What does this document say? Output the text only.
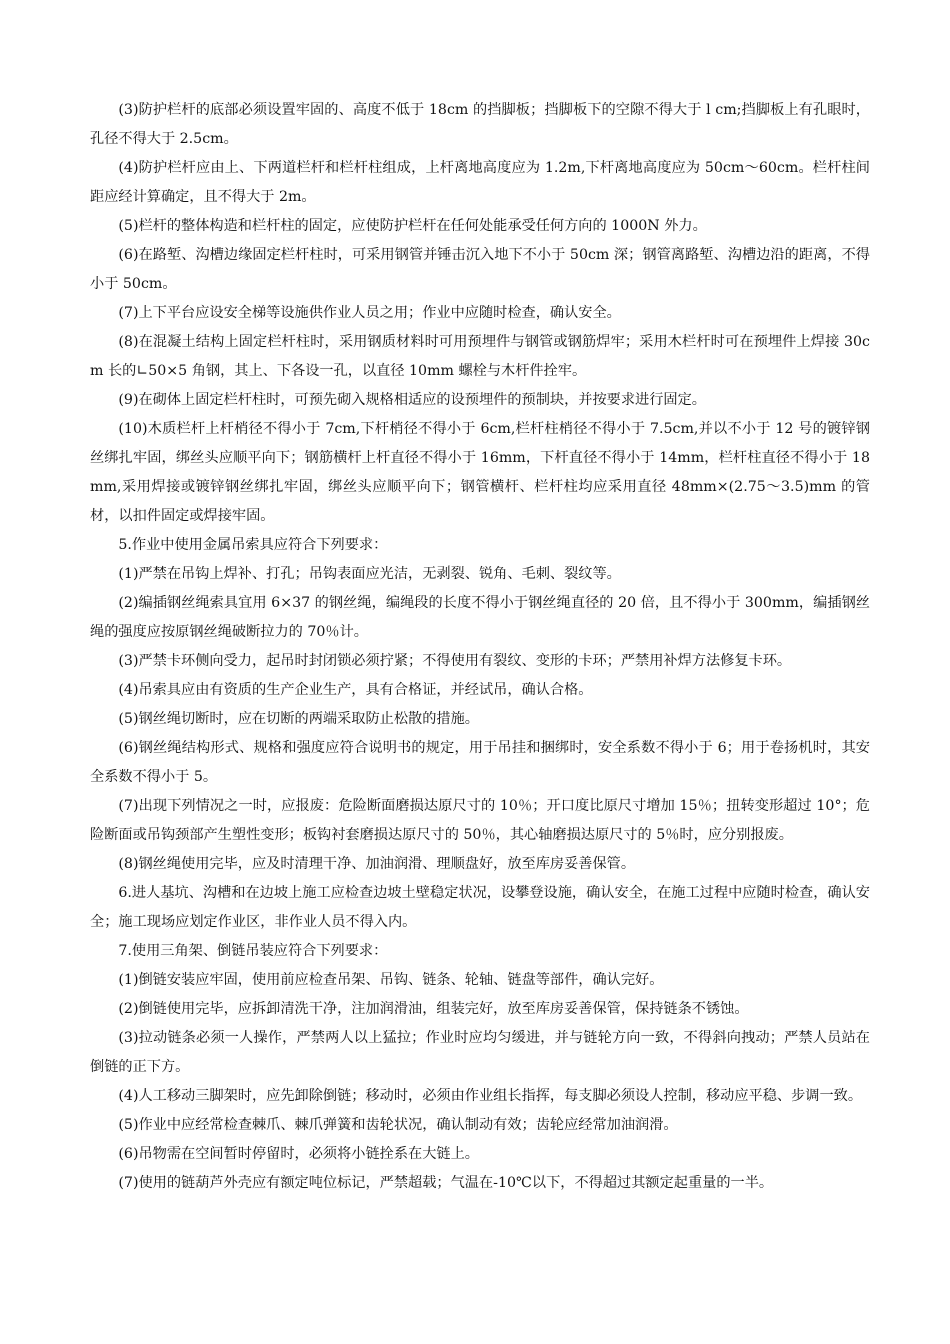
(3)防护栏杆的底部必须设置牢固的、高度不低于 18cm 的挡脚板；挡脚板下的空隙不得大于 l cm;挡脚板上有孔眼时，孔径不得大于 2.5cm。

(4)防护栏杆应由上、下两道栏杆和栏杆柱组成，上杆离地高度应为 1.2m,下杆离地高度应为 50cm～60cm。栏杆柱间距应经计算确定，且不得大于 2m。

(5)栏杆的整体构造和栏杆柱的固定，应使防护栏杆在任何处能承受任何方向的 1000N 外力。

(6)在路堑、沟槽边缘固定栏杆柱时，可采用钢管并锤击沉入地下不小于 50cm 深；钢管离路堑、沟槽边沿的距离，不得小于 50cm。

(7)上下平台应设安全梯等设施供作业人员之用；作业中应随时检查，确认安全。

(8)在混凝土结构上固定栏杆柱时，采用钢质材料时可用预埋件与钢管或钢筋焊牢；采用木栏杆时可在预埋件上焊接 30cm 长的∟50×5 角钢，其上、下各设一孔，以直径 10mm 螺栓与木杆件拴牢。

(9)在砌体上固定栏杆柱时，可预先砌入规格相适应的设预埋件的预制块，并按要求进行固定。

(10)木质栏杆上杆梢径不得小于 7cm,下杆梢径不得小于 6cm,栏杆柱梢径不得小于 7.5cm,并以不小于 12 号的镀锌钢丝绑扎牢固，绑丝头应顺平向下；钢筋横杆上杆直径不得小于 16mm，下杆直径不得小于 14mm，栏杆柱直径不得小于 18mm,采用焊接或镀锌钢丝绑扎牢固，绑丝头应顺平向下；钢管横杆、栏杆柱均应采用直径 48mm×(2.75～3.5)mm 的管材，以扣件固定或焊接牢固。

5.作业中使用金属吊索具应符合下列要求：

(1)严禁在吊钩上焊补、打孔；吊钩表面应光洁，无剥裂、锐角、毛刺、裂纹等。

(2)编插钢丝绳索具宜用 6×37 的钢丝绳，编绳段的长度不得小于钢丝绳直径的 20 倍，且不得小于 300mm，编插钢丝绳的强度应按原钢丝绳破断拉力的 70％计。

(3)严禁卡环侧向受力，起吊时封闭锁必须拧紧；不得使用有裂纹、变形的卡环；严禁用补焊方法修复卡环。

(4)吊索具应由有资质的生产企业生产，具有合格证，并经试吊，确认合格。

(5)钢丝绳切断时，应在切断的两端采取防止松散的措施。

(6)钢丝绳结构形式、规格和强度应符合说明书的规定，用于吊挂和捆绑时，安全系数不得小于 6；用于卷扬机时，其安全系数不得小于 5。

(7)出现下列情况之一时，应报废：危险断面磨损达原尺寸的 10％；开口度比原尺寸增加 15％；扭转变形超过 10°；危险断面或吊钩颈部产生塑性变形；板钩衬套磨损达原尺寸的 50％，其心轴磨损达原尺寸的 5％时，应分别报废。

(8)钢丝绳使用完毕，应及时清理干净、加油润滑、理顺盘好，放至库房妥善保管。

6.进人基坑、沟槽和在边坡上施工应检查边坡土壁稳定状况，设攀登设施，确认安全，在施工过程中应随时检查，确认安全；施工现场应划定作业区，非作业人员不得入内。

7.使用三角架、倒链吊装应符合下列要求：

(1)倒链安装应牢固，使用前应检查吊架、吊钩、链条、轮轴、链盘等部件，确认完好。

(2)倒链使用完毕，应拆卸清洗干净，注加润滑油，组装完好，放至库房妥善保管，保持链条不锈蚀。

(3)拉动链条必须一人操作，严禁两人以上猛拉；作业时应均匀缓进，并与链轮方向一致，不得斜向拽动；严禁人员站在倒链的正下方。

(4)人工移动三脚架时，应先卸除倒链；移动时，必须由作业组长指挥，每支脚必须设人控制，移动应平稳、步调一致。

(5)作业中应经常检查棘爪、棘爪弹簧和齿轮状况，确认制动有效；齿轮应经常加油润滑。

(6)吊物需在空间暂时停留时，必须将小链拴系在大链上。

(7)使用的链葫芦外壳应有额定吨位标记，严禁超载；气温在-10℃以下，不得超过其额定起重量的一半。
